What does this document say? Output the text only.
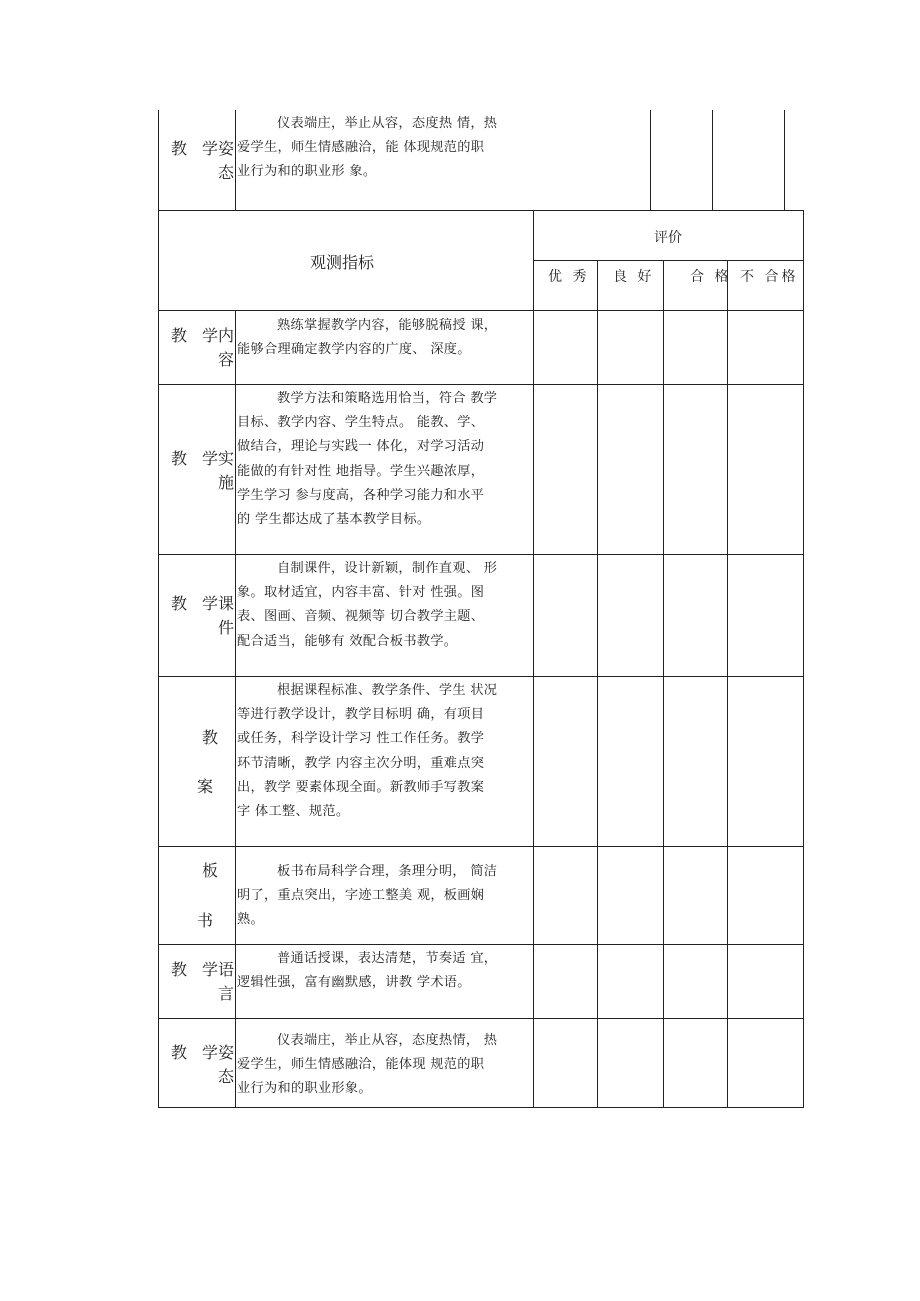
教 学姿
态
仪表端庄，举止从容，态度热 情，热
爱学生，师生情感融洽，能 体现规范的职
业行为和的职业形 象。
观测指标
评价
优 秀 良 好	合 格 不 合格
教 学内
容
熟练掌握教学内容，能够脱稿授 课，
能够合理确定教学内容的广度、 深度。
教 学实
施
教学方法和策略选用恰当，符合 教学
目标、教学内容、学生特点。 能教、学、
做结合，理论与实践一 体化，对学习活动
能做的有针对性 地指导。学生兴趣浓厚，
学生学习 参与度高，各种学习能力和水平
的 学生都达成了基本教学目标。
教 学课
件
自制课件，设计新颖，制作直观、 形
象。取材适宜，内容丰富、针对 性强。图
表、图画、音频、视频等 切合教学主题、
配合适当，能够有 效配合板书教学。
教
案
根据课程标准、教学条件、学生 状况
等进行教学设计，教学目标明 确，有项目
或任务，科学设计学习 性工作任务。教学
环节清晰，教学 内容主次分明，重难点突
出，教学 要素体现全面。新教师手写教案
字 体工整、规范。
板
书
板书布局科学合理，条理分明， 简洁
明了，重点突出，字迹工整美 观，板画娴
熟。
教 学语
言
普通话授课，表达清楚，节奏适 宜，
逻辑性强，富有幽默感，讲教 学术语。
教 学姿
态
仪表端庄，举止从容，态度热情， 热
爱学生，师生情感融洽，能体现 规范的职
业行为和的职业形象。
